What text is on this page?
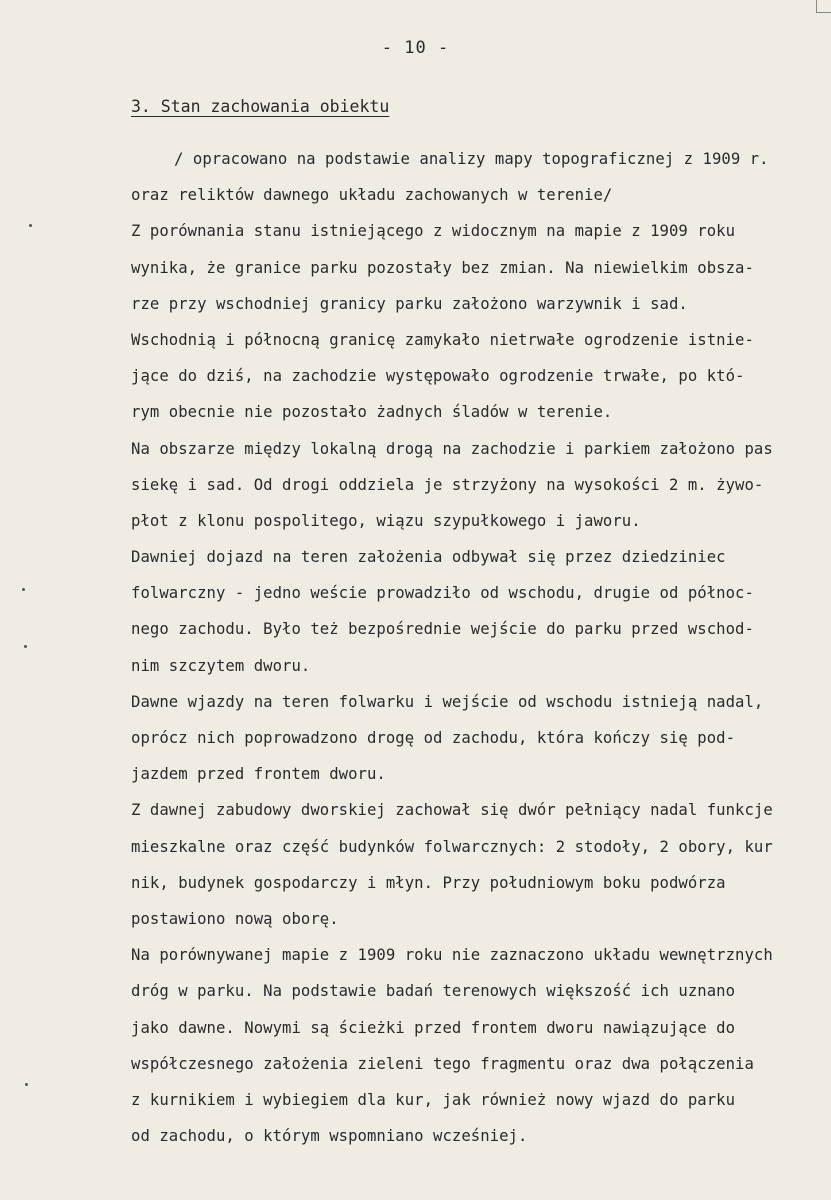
- 10 -
3. Stan zachowania obiektu
/ opracowano na podstawie analizy mapy topograficznej z 1909 r.
oraz reliktów dawnego układu zachowanych w terenie/
Z porównania stanu istniejącego z widocznym na mapie z 1909 roku
wynika, że granice parku pozostały bez zmian. Na niewielkim obsza-
rze przy wschodniej granicy parku założono warzywnik i sad.
Wschodnią i północną granicę zamykało nietrwałe ogrodzenie istnie-
jące do dziś, na zachodzie występowało ogrodzenie trwałe, po któ-
rym obecnie nie pozostało żadnych śladów w terenie.
Na obszarze między lokalną drogą na zachodzie i parkiem założono pas
siekę i sad. Od drogi oddziela je strzyżony na wysokości 2 m. żywo-
płot z klonu pospolitego, wiązu szypułkowego i jaworu.
Dawniej dojazd na teren założenia odbywał się przez dziedziniec
folwarczny - jedno weście prowadziło od wschodu, drugie od północ-
nego zachodu. Było też bezpośrednie wejście do parku przed wschod-
nim szczytem dworu.
Dawne wjazdy na teren folwarku i wejście od wschodu istnieją nadal,
oprócz nich poprowadzono drogę od zachodu, która kończy się pod-
jazdem przed frontem dworu.
Z dawnej zabudowy dworskiej zachował się dwór pełniący nadal funkcje
mieszkalne oraz część budynków folwarcznych: 2 stodoły, 2 obory, kur
nik, budynek gospodarczy i młyn. Przy południowym boku podwórza
postawiono nową oborę.
Na porównywanej mapie z 1909 roku nie zaznaczono układu wewnętrznych
dróg w parku. Na podstawie badań terenowych większość ich uznano
jako dawne. Nowymi są ścieżki przed frontem dworu nawiązujące do
współczesnego założenia zieleni tego fragmentu oraz dwa połączenia
z kurnikiem i wybiegiem dla kur, jak również nowy wjazd do parku
od zachodu, o którym wspomniano wcześniej.
